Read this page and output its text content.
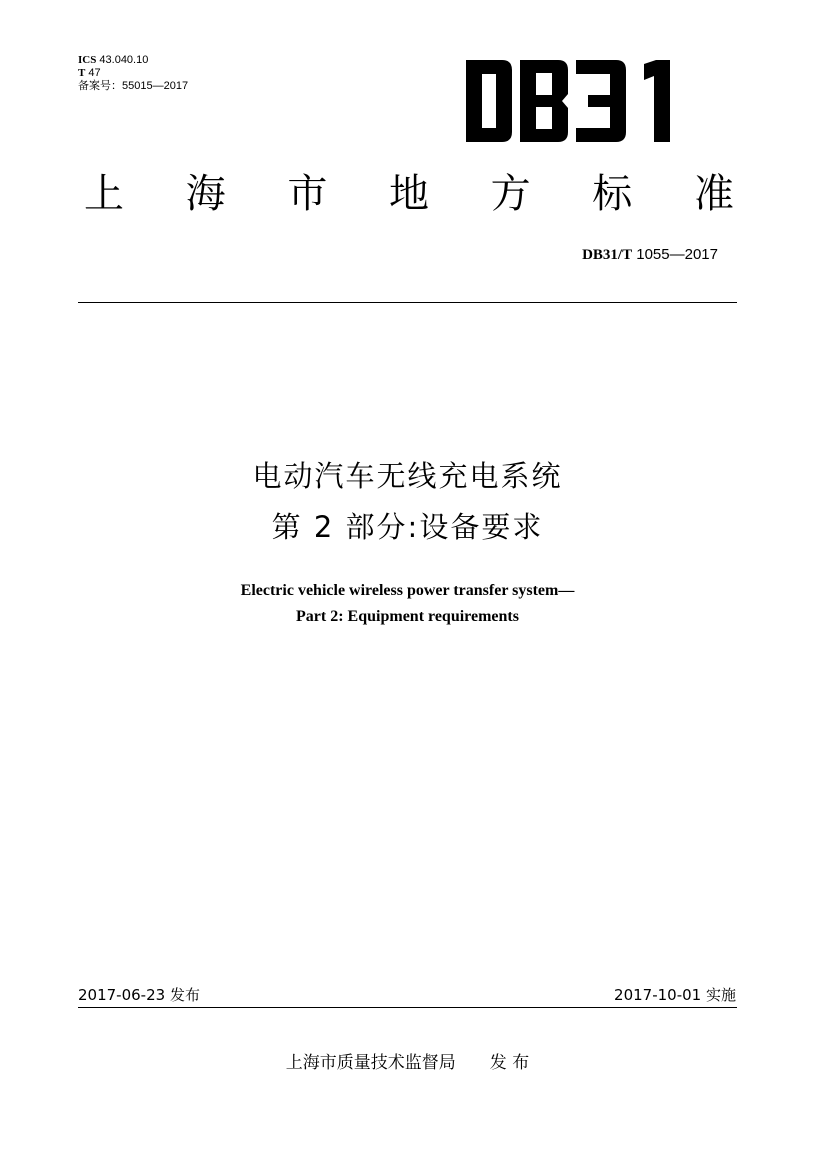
ICS 43.040.10
T 47
备案号：55015—2017
上 海 市 地 方 标 准
DB31/T 1055—2017
电动汽车无线充电系统
第 2 部分:设备要求
Electric vehicle wireless power transfer system—
Part 2: Equipment requirements
2017-06-23 发布	2017-10-01 实施
上海市质量技术监督局 发 布
